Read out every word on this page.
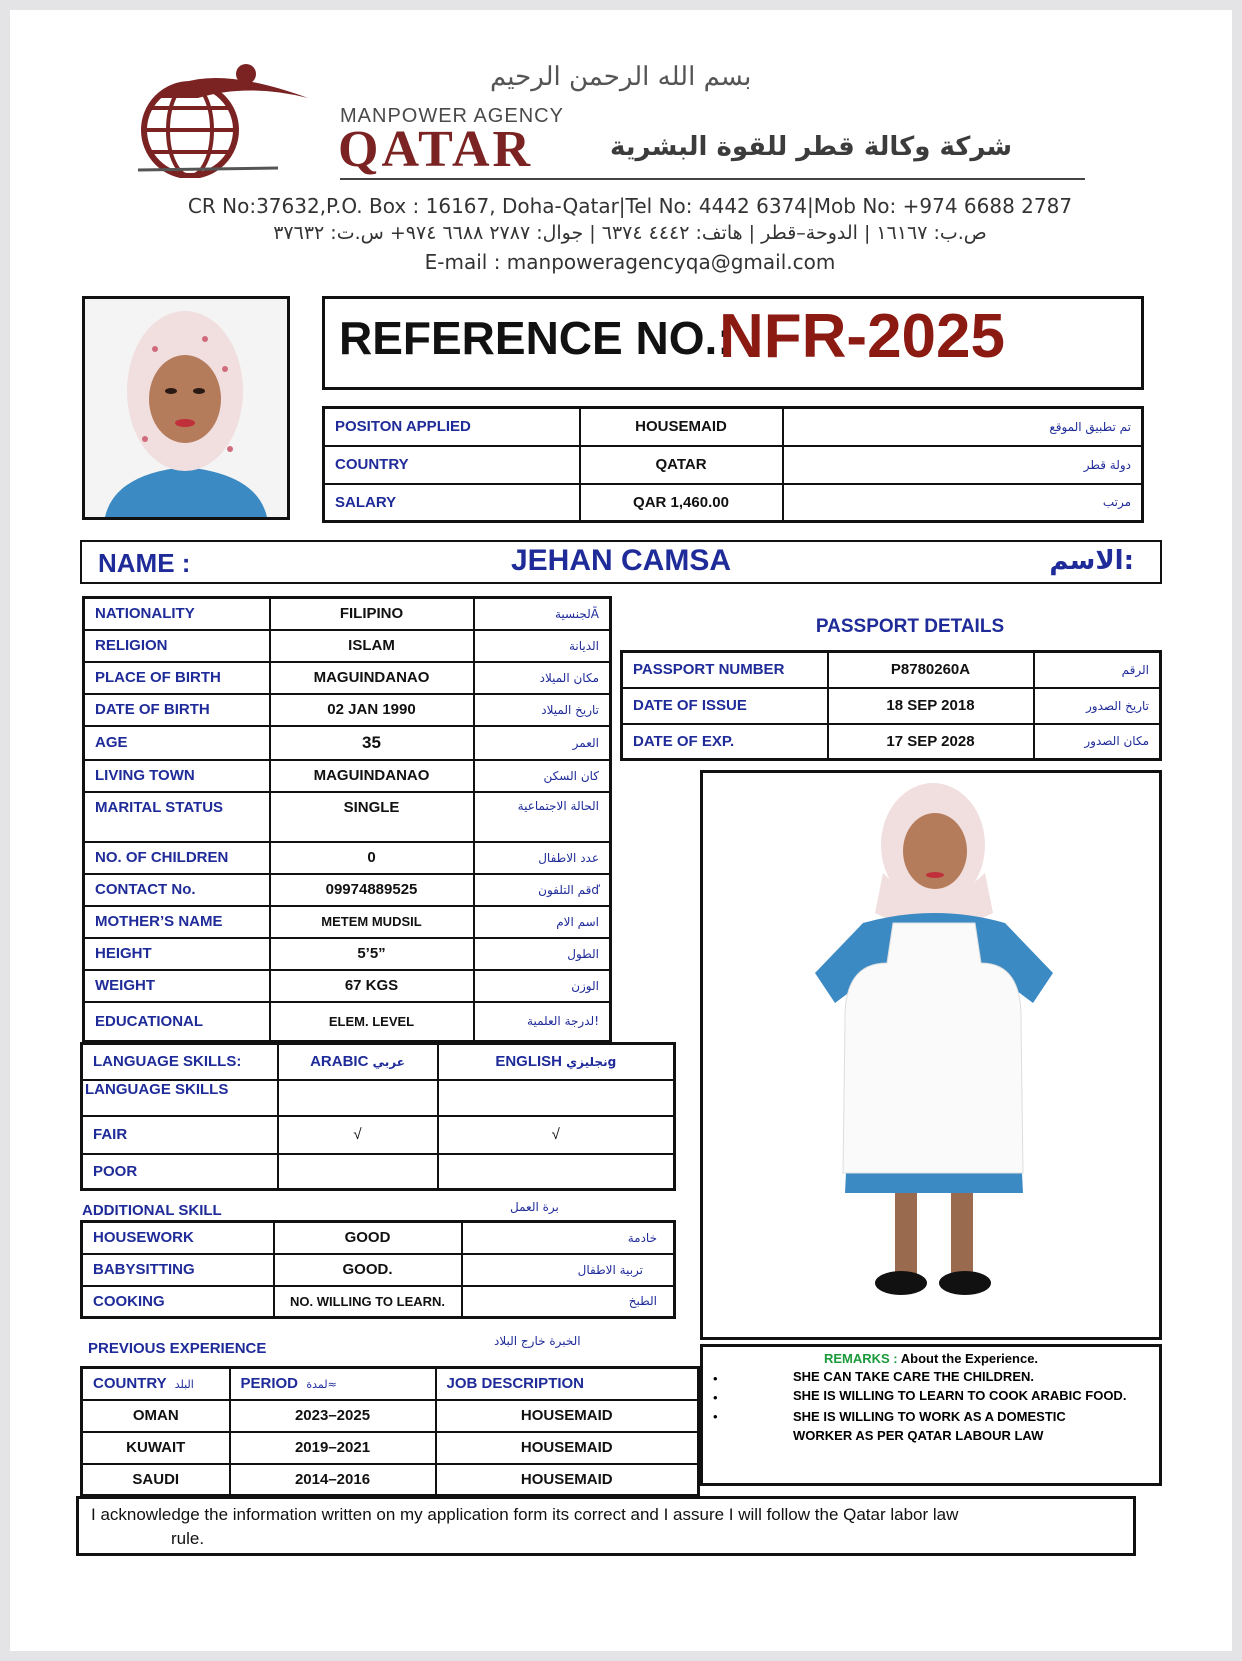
بسم الله الرحمن الرحيم
MANPOWER AGENCY
QATAR	شركة وكالة قطر للقوة البشرية
CR No:37632,P.O. Box : 16167, Doha-Qatar|Tel No: 4442 6374|Mob No: +974 6688 2787
ص.ب: ١٦١٦٧ | الدوحة–قطر | هاتف: ٤٤٤٢ ٦٣٧٤ | جوال: ٢٧٨٧ ٦٦٨٨ ٩٧٤+ س.ت: ٣٧٦٣٢
E-mail : manpoweragencyqa@gmail.com
REFERENCE NO.:
NFR-2025
POSITON APPLIED	HOUSEMAID	تم تطبيق الموقع
COUNTRY	QATAR	دولة قطر
SALARY	QAR 1,460.00	مرتب
NAME :	JEHAN CAMSA	الاسم:
NATIONALITY	FILIPINO	لجنسيةĀ
RELIGION	ISLAM	الديانة
PLACE OF BIRTH	MAGUINDANAO	مكان الميلاد
DATE OF BIRTH	02 JAN 1990	تاريخ الميلاد
AGE	35	العمر
LIVING TOWN	MAGUINDANAO	كان السكن
MARITAL STATUS	SINGLE	الحالة الاجتماعية
NO. OF CHILDREN	0	عدد الاطفال
CONTACT No.	09974889525	قم التلفونď
MOTHER’S NAME	METEM MUDSIL	اسم الام
HEIGHT	5’5”	الطول
WEIGHT	67 KGS	الوزن
EDUCATIONAL	ELEM. LEVEL	لدرجة العلمية!
PASSPORT DETAILS
PASSPORT NUMBER	P8780260A	الرقم
DATE OF ISSUE	18 SEP 2018	تاريخ الصدور
DATE OF EXP.	17 SEP 2028	مكان الصدور
LANGUAGE SKILLS:	ARABIC عربي	ENGLISH نجليزيg
LANGUAGE SKILLS		
FAIR	√	√
POOR		
ADDITIONAL SKILL	برة العمل
HOUSEWORK	GOOD	خادمة
BABYSITTING	GOOD.	تربية الاطفال
COOKING	NO. WILLING TO LEARN.	الطبخ
PREVIOUS EXPERIENCE	الخبرة خارج البلاد
COUNTRY البلد	PERIOD لمدة≈	JOB DESCRIPTION
OMAN	2023–2025	HOUSEMAID
KUWAIT	2019–2021	HOUSEMAID
SAUDI	2014–2016	HOUSEMAID
REMARKS : About the Experience.
•	SHE CAN TAKE CARE THE CHILDREN.
•	SHE IS WILLING TO LEARN TO COOK ARABIC FOOD.
•	SHE IS WILLING TO WORK AS A DOMESTIC WORKER AS PER QATAR LABOUR LAW
I acknowledge the information written on my application form its correct and I assure I will follow the Qatar labor law
rule.
